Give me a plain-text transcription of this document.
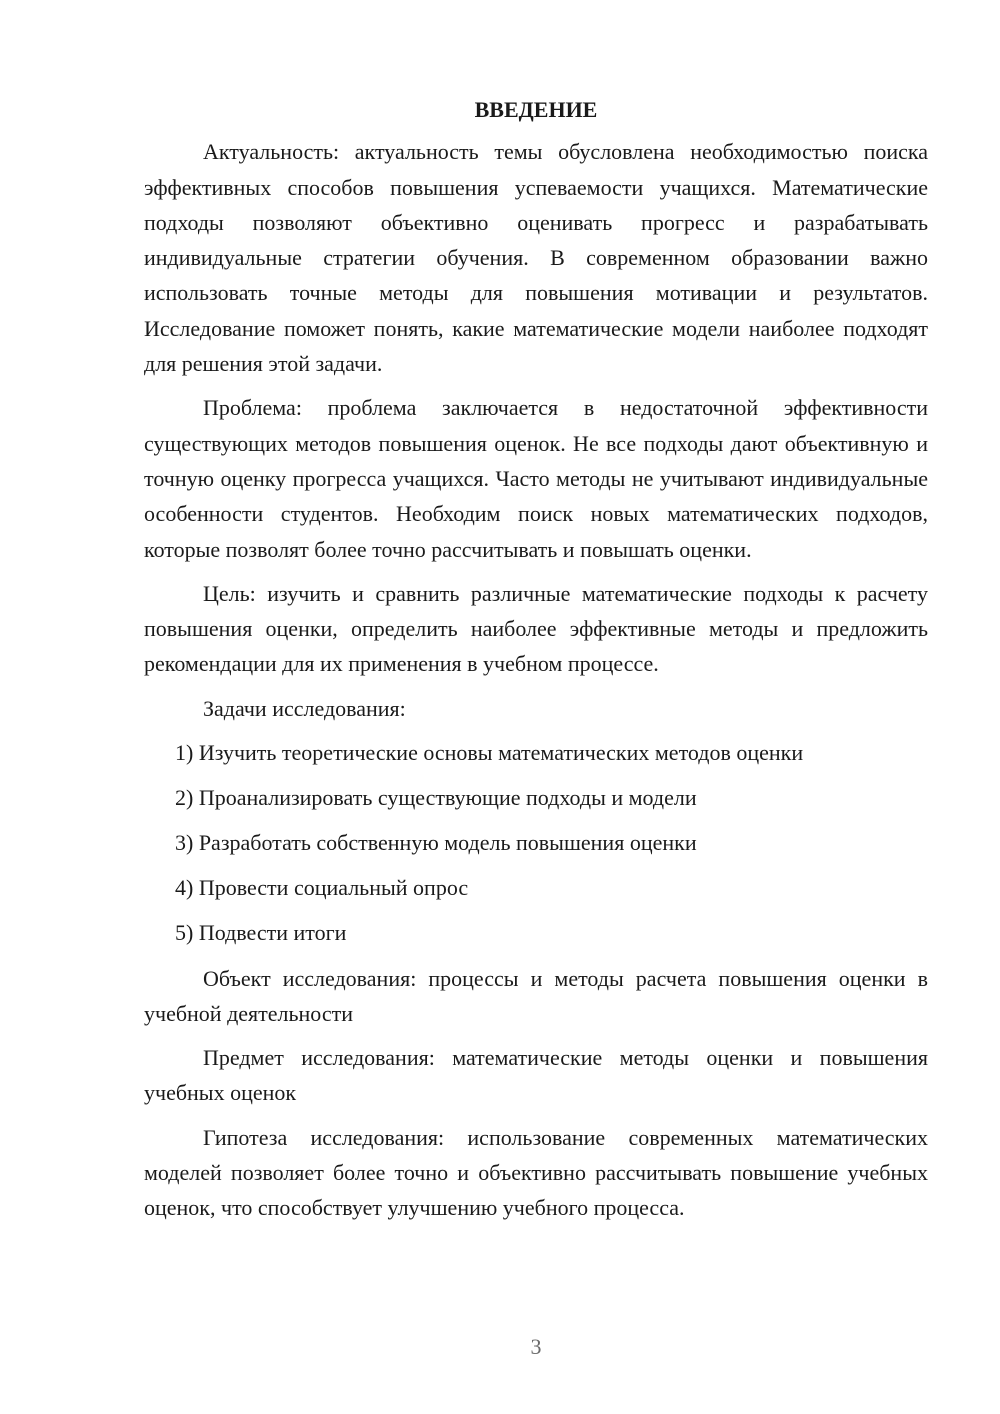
ВВЕДЕНИЕ

Актуальность: актуальность темы обусловлена необходимостью поиска эффективных способов повышения успеваемости учащихся. Математические подходы позволяют объективно оценивать прогресс и разрабатывать индивидуальные стратегии обучения. В современном образовании важно использовать точные методы для повышения мотивации и результатов. Исследование поможет понять, какие математические модели наиболее подходят для решения этой задачи.

Проблема: проблема заключается в недостаточной эффективности существующих методов повышения оценок. Не все подходы дают объективную и точную оценку прогресса учащихся. Часто методы не учитывают индивидуальные особенности студентов. Необходим поиск новых математических подходов, которые позволят более точно рассчитывать и повышать оценки.

Цель: изучить и сравнить различные математические подходы к расчету повышения оценки, определить наиболее эффективные методы и предложить рекомендации для их применения в учебном процессе.

Задачи исследования:

1) Изучить теоретические основы математических методов оценки
2) Проанализировать существующие подходы и модели
3) Разработать собственную модель повышения оценки
4) Провести социальный опрос
5) Подвести итоги

Объект исследования: процессы и методы расчета повышения оценки в учебной деятельности

Предмет исследования: математические методы оценки и повышения учебных оценок

Гипотеза исследования: использование современных математических моделей позволяет более точно и объективно рассчитывать повышение учебных оценок, что способствует улучшению учебного процесса.

3
